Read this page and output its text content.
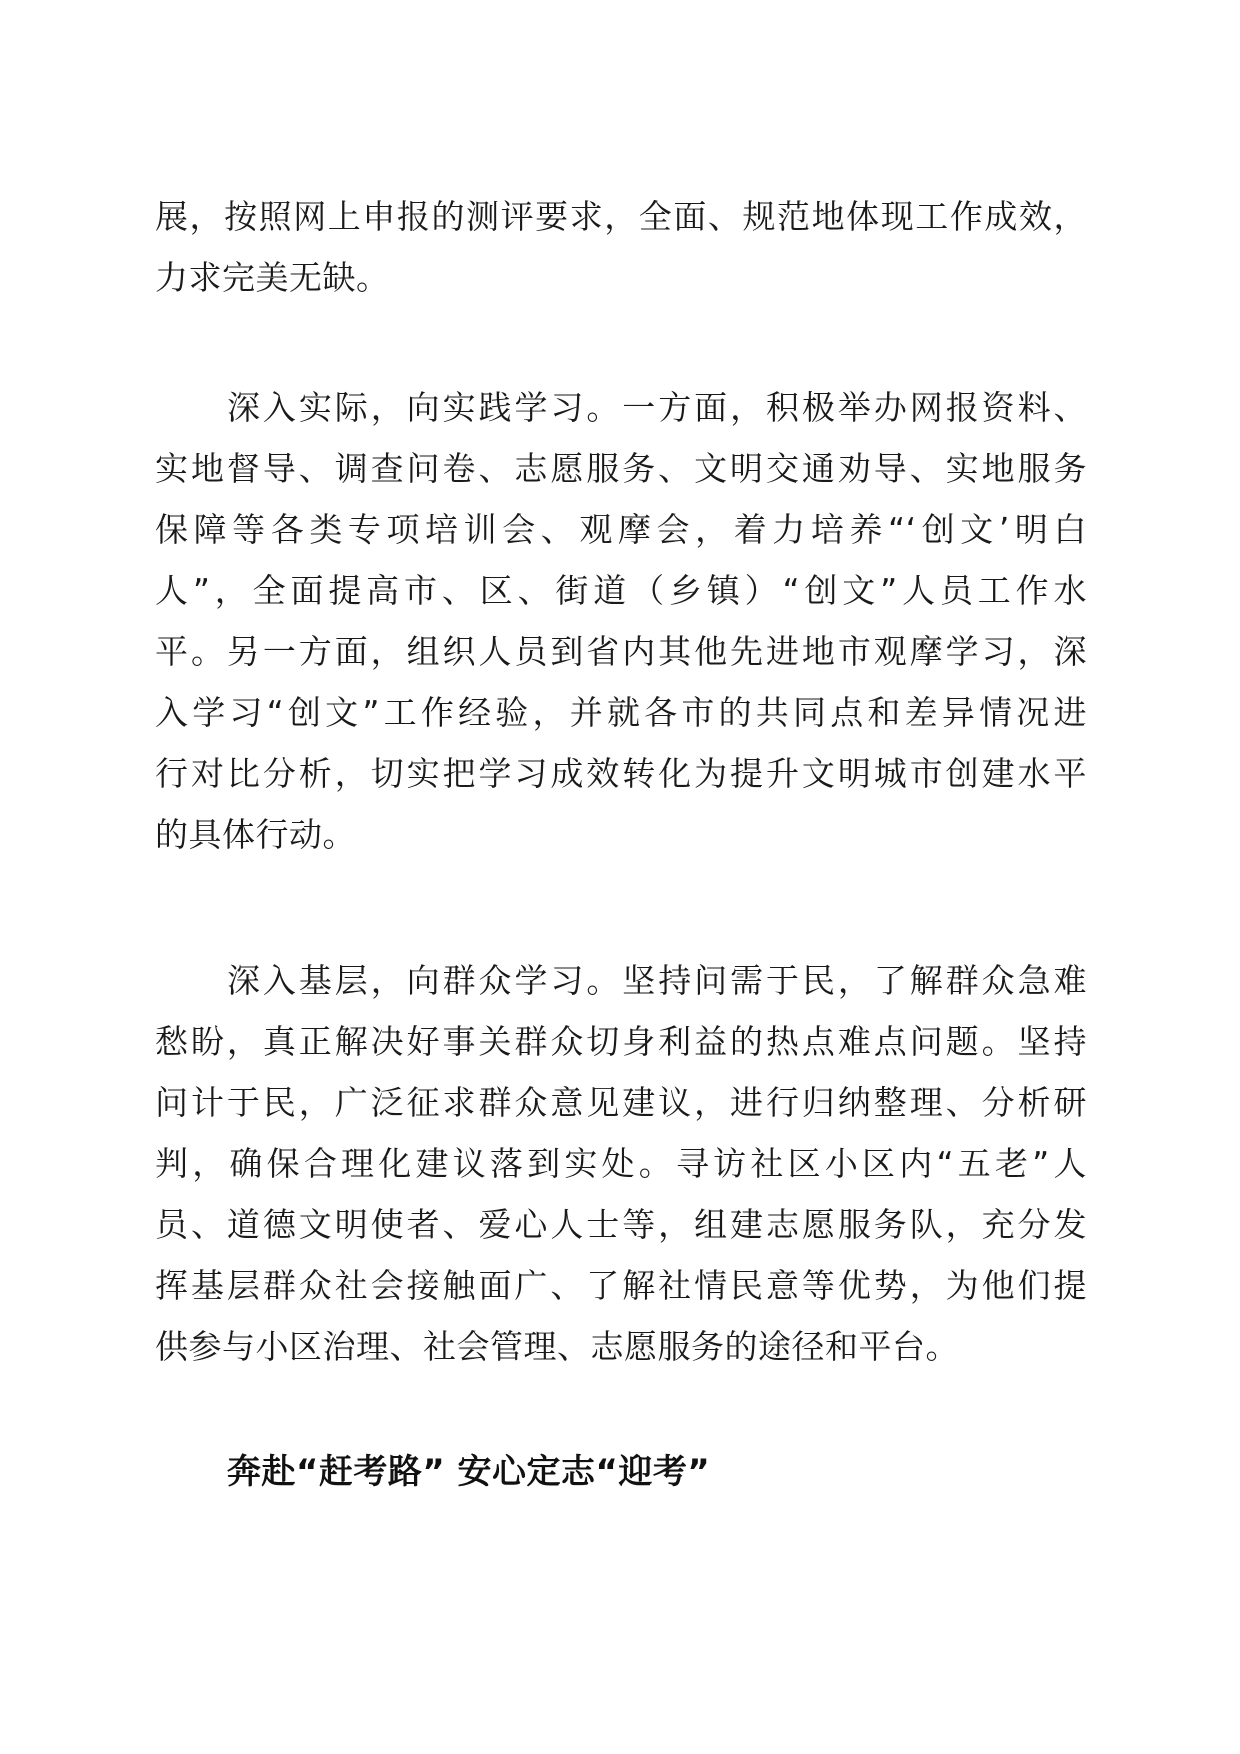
展，按照网上申报的测评要求，全面、规范地体现工作成效，
力求完美无缺。

深入实际，向实践学习。一方面，积极举办网报资料、
实地督导、调查问卷、志愿服务、文明交通劝导、实地服务
保障等各类专项培训会、观摩会，着力培养“‘创文’明白
人”，全面提高市、区、街道（乡镇）“创文”人员工作水
平。另一方面，组织人员到省内其他先进地市观摩学习，深
入学习“创文”工作经验，并就各市的共同点和差异情况进
行对比分析，切实把学习成效转化为提升文明城市创建水平
的具体行动。

深入基层，向群众学习。坚持问需于民，了解群众急难
愁盼，真正解决好事关群众切身利益的热点难点问题。坚持
问计于民，广泛征求群众意见建议，进行归纳整理、分析研
判，确保合理化建议落到实处。寻访社区小区内“五老”人
员、道德文明使者、爱心人士等，组建志愿服务队，充分发
挥基层群众社会接触面广、了解社情民意等优势，为他们提
供参与小区治理、社会管理、志愿服务的途径和平台。

奔赴“赶考路” 安心定志“迎考”
